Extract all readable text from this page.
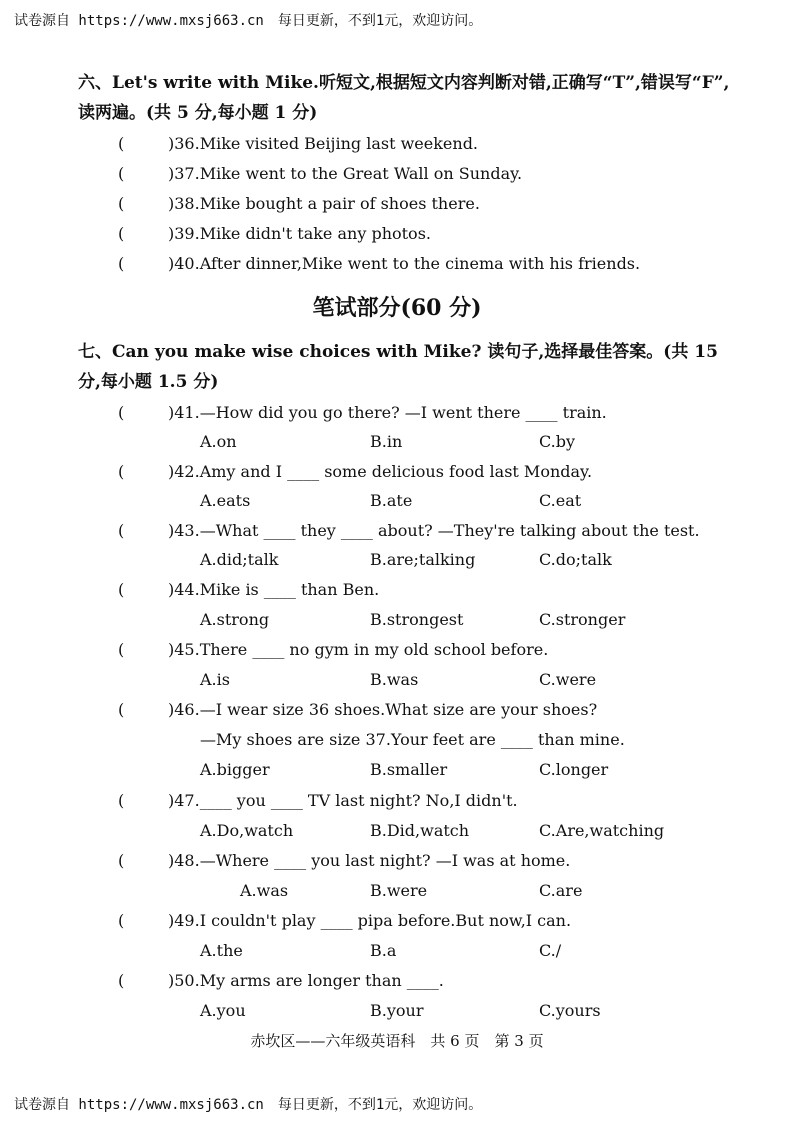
试卷源自 https://www.mxsj663.cn　每日更新，不到1元，欢迎访问。
六、Let's write with Mike.听短文,根据短文内容判断对错,正确写“T”,错误写“F”,读两遍。(共 5 分,每小题 1 分)
(	)36.Mike visited Beijing last weekend.
(	)37.Mike went to the Great Wall on Sunday.
(	)38.Mike bought a pair of shoes there.
(	)39.Mike didn't take any photos.
(	)40.After dinner,Mike went to the cinema with his friends.
笔试部分(60 分)
七、Can you make wise choices with Mike? 读句子,选择最佳答案。(共 15 分,每小题 1.5 分)
(	)41.—How did you go there? —I went there ____ train.
A.on	B.in	C.by
(	)42.Amy and I ____ some delicious food last Monday.
A.eats	B.ate	C.eat
(	)43.—What ____ they ____ about? —They're talking about the test.
A.did;talk	B.are;talking	C.do;talk
(	)44.Mike is ____ than Ben.
A.strong	B.strongest	C.stronger
(	)45.There ____ no gym in my old school before.
A.is	B.was	C.were
(	)46.—I wear size 36 shoes.What size are your shoes?
—My shoes are size 37.Your feet are ____ than mine.
A.bigger	B.smaller	C.longer
(	)47.____ you ____ TV last night? No,I didn't.
A.Do,watch	B.Did,watch	C.Are,watching
(	)48.—Where ____ you last night? —I was at home.
A.was	B.were	C.are
(	)49.I couldn't play ____ pipa before.But now,I can.
A.the	B.a	C./
(	)50.My arms are longer than ____.
A.you	B.your	C.yours
赤坎区——六年级英语科　共 6 页　第 3 页
试卷源自 https://www.mxsj663.cn　每日更新，不到1元，欢迎访问。
